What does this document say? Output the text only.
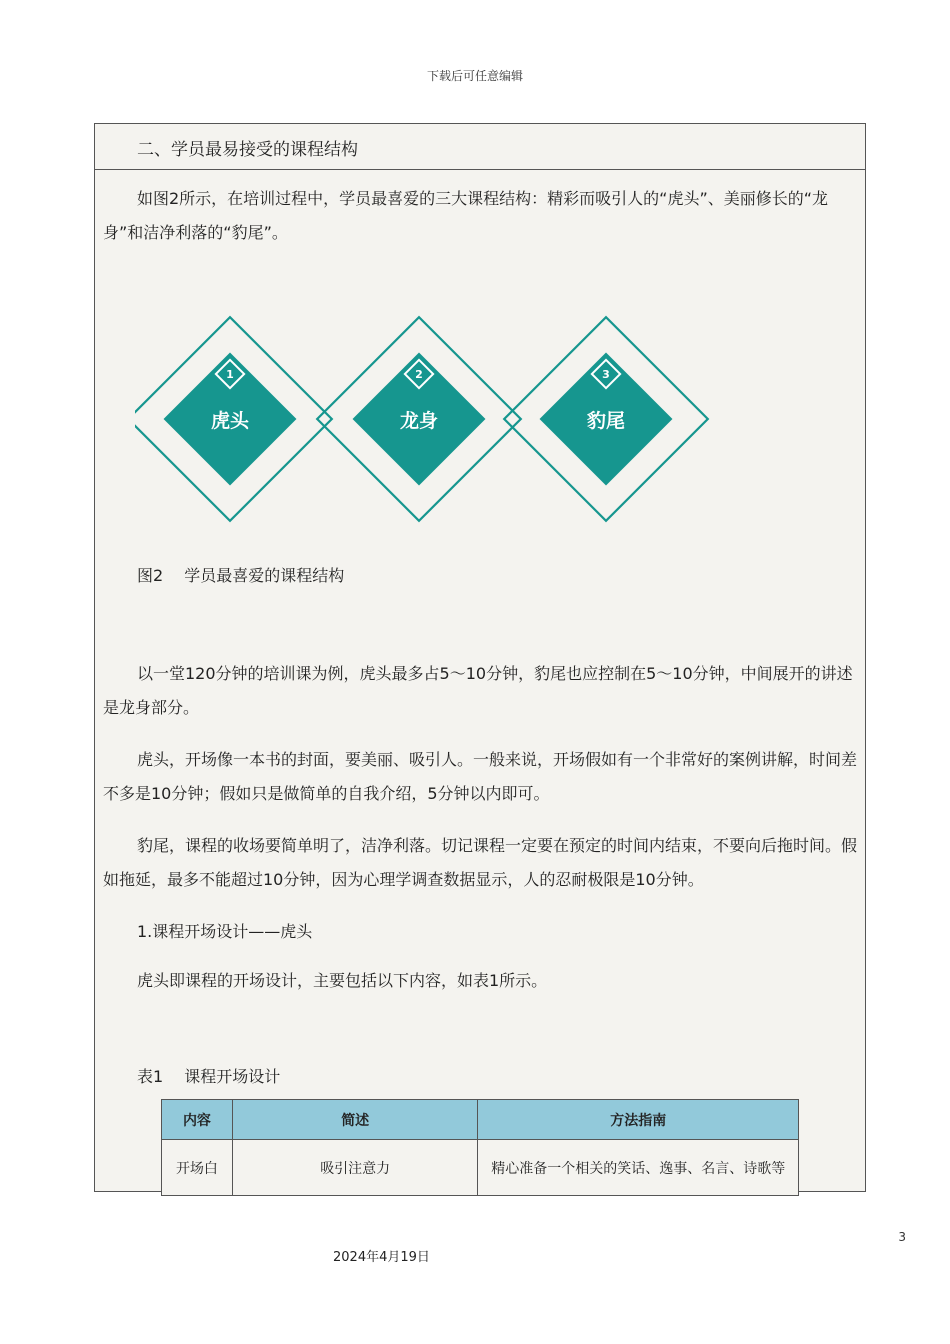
下载后可任意编辑
二、学员最易接受的课程结构

如图2所示，在培训过程中，学员最喜爱的三大课程结构：精彩而吸引人的“虎头”、美丽修长的“龙身”和洁净利落的“豹尾”。

1
虎头
2
龙身
3
豹尾
图2　 学员最喜爱的课程结构

以一堂120分钟的培训课为例，虎头最多占5～10分钟，豹尾也应控制在5～10分钟，中间展开的讲述是龙身部分。

虎头，开场像一本书的封面，要美丽、吸引人。一般来说，开场假如有一个非常好的案例讲解，时间差不多是10分钟；假如只是做简单的自我介绍，5分钟以内即可。

豹尾，课程的收场要简单明了，洁净利落。切记课程一定要在预定的时间内结束，不要向后拖时间。假如拖延，最多不能超过10分钟，因为心理学调查数据显示，人的忍耐极限是10分钟。

1.课程开场设计——虎头
虎头即课程的开场设计，主要包括以下内容，如表1所示。
表1　 课程开场设计
内容	简述	方法指南
开场白	吸引注意力	精心准备一个相关的笑话、逸事、名言、诗歌等
3
2024年4月19日
